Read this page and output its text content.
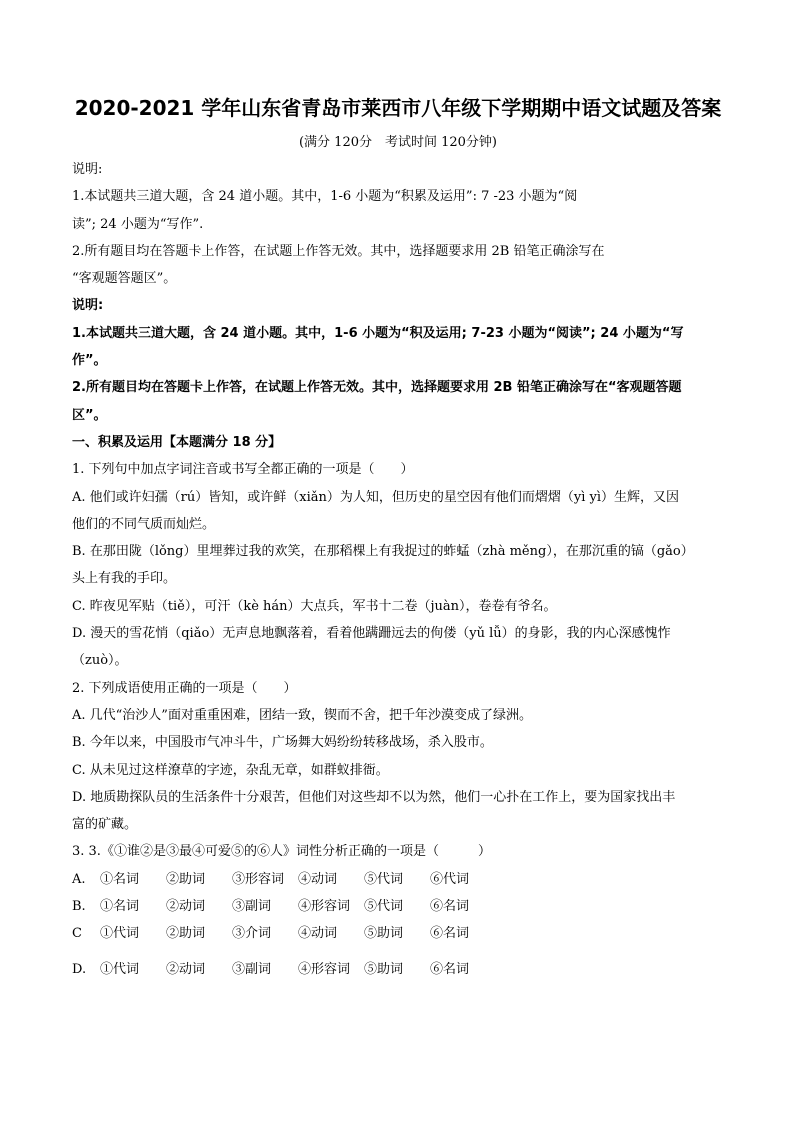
2020-2021 学年山东省青岛市莱西市八年级下学期期中语文试题及答案

(满分 120分　考试时间 120分钟)

说明:

1.本试题共三道大题，含 24 道小题。其中，1-6 小题为“积累及运用”: 7 -23 小题为“阅

读”; 24 小题为“写作”.

2.所有题目均在答题卡上作答，在试题上作答无效。其中，选择题要求用 2B 铅笔正确涂写在

“客观题答题区”。

说明:

1.本试题共三道大题，含 24 道小题。其中，1-6 小题为“积及运用; 7-23 小题为“阅读”; 24 小题为“写

作”。

2.所有题目均在答题卡上作答，在试题上作答无效。其中，选择题要求用 2B 铅笔正确涂写在“客观题答题

区”。

一、积累及运用【本题满分 18 分】

1. 下列句中加点字词注音或书写全都正确的一项是（　　）

A. 他们或许妇孺（rú）皆知，或许鲜（xiǎn）为人知，但历史的星空因有他们而熠熠（yì yì）生辉，又因

他们的不同气质而灿烂。

B. 在那田陇（lǒng）里埋葬过我的欢笑，在那稻棵上有我捉过的蚱蜢（zhà měng），在那沉重的镐（gǎo）

头上有我的手印。

C. 昨夜见军贴（tiě），可汗（kè hán）大点兵，军书十二卷（juàn），卷卷有爷名。

D. 漫天的雪花悄（qiǎo）无声息地飘落着，看着他蹒跚远去的佝偻（yǔ lǚ）的身影，我的内心深感愧怍

（zuò）。

2. 下列成语使用正确的一项是（　　）

A. 几代“治沙人”面对重重困难，团结一致，锲而不舍，把千年沙漠变成了绿洲。

B. 今年以来，中国股市气冲斗牛，广场舞大妈纷纷转移战场，杀入股市。

C. 从未见过这样潦草的字迹，杂乱无章，如群蚁排衙。

D. 地质勘探队员的生活条件十分艰苦，但他们对这些却不以为然，他们一心扑在工作上，要为国家找出丰

富的矿藏。

3. 3.《①谁②是③最④可爱⑤的⑥人》词性分析正确的一项是（　　　）

A.	①名词	②助词	③形容词	④动词	⑤代词	⑥代词
B.	①名词	②动词	③副词	④形容词	⑤代词	⑥名词
C	①代词	②助词	③介词	④动词	⑤助词	⑥名词
D.	①代词	②动词	③副词	④形容词	⑤助词	⑥名词
